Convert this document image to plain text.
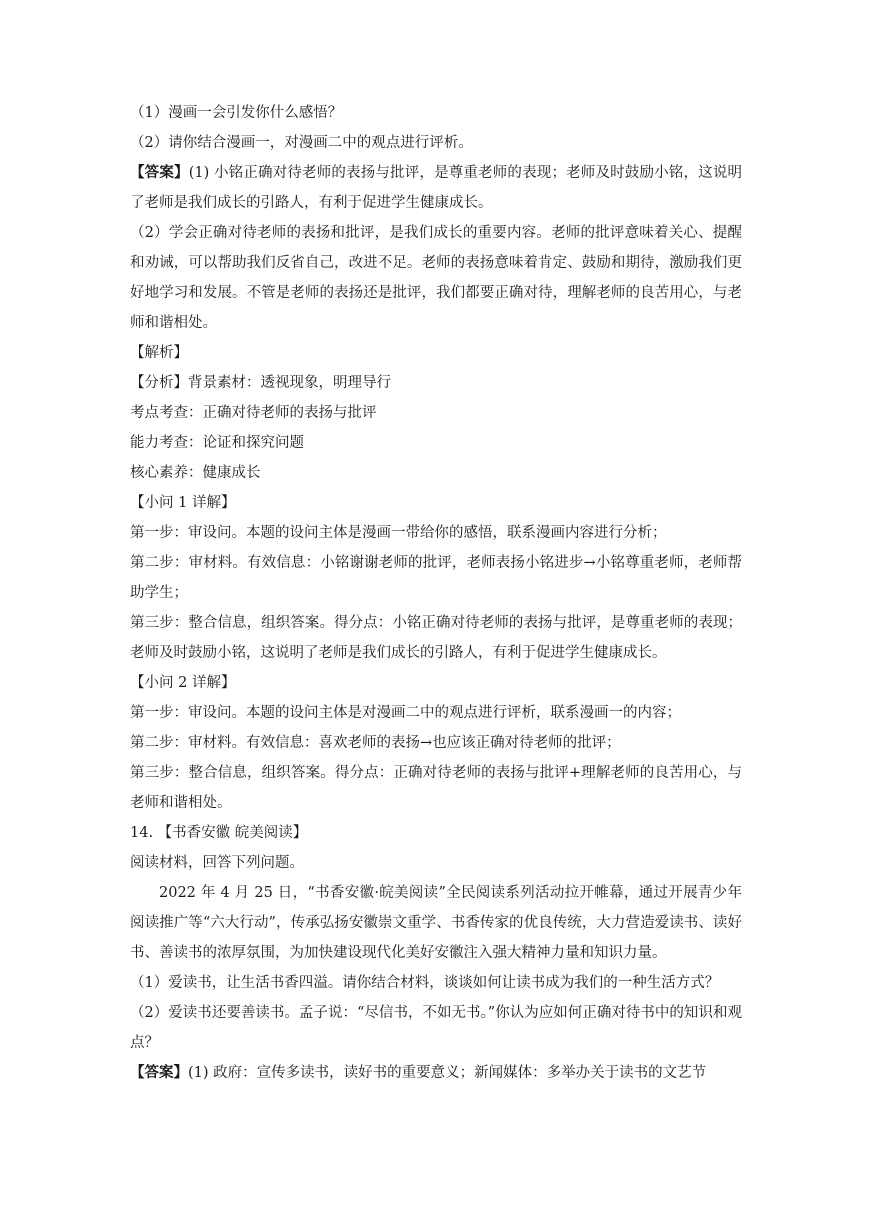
（1）漫画一会引发你什么感悟？
（2）请你结合漫画一，对漫画二中的观点进行评析。
【答案】(1) 小铭正确对待老师的表扬与批评，是尊重老师的表现；老师及时鼓励小铭，这说明了老师是我们成长的引路人，有利于促进学生健康成长。
（2）学会正确对待老师的表扬和批评，是我们成长的重要内容。老师的批评意味着关心、提醒和劝诫，可以帮助我们反省自己，改进不足。老师的表扬意味着肯定、鼓励和期待，激励我们更好地学习和发展。不管是老师的表扬还是批评，我们都要正确对待，理解老师的良苦用心，与老师和谐相处。
【解析】
【分析】背景素材：透视现象，明理导行
考点考查：正确对待老师的表扬与批评
能力考查：论证和探究问题
核心素养：健康成长
【小问 1 详解】
第一步：审设问。本题的设问主体是漫画一带给你的感悟，联系漫画内容进行分析；
第二步：审材料。有效信息：小铭谢谢老师的批评，老师表扬小铭进步→小铭尊重老师，老师帮助学生；
第三步：整合信息，组织答案。得分点：小铭正确对待老师的表扬与批评，是尊重老师的表现；老师及时鼓励小铭，这说明了老师是我们成长的引路人，有利于促进学生健康成长。
【小问 2 详解】
第一步：审设问。本题的设问主体是对漫画二中的观点进行评析，联系漫画一的内容；
第二步：审材料。有效信息：喜欢老师的表扬→也应该正确对待老师的批评；
第三步：整合信息，组织答案。得分点：正确对待老师的表扬与批评+理解老师的良苦用心，与老师和谐相处。
14. 【书香安徽 皖美阅读】
阅读材料，回答下列问题。
2022 年 4 月 25 日，“书香安徽·皖美阅读”全民阅读系列活动拉开帷幕，通过开展青少年阅读推广等“六大行动”，传承弘扬安徽崇文重学、书香传家的优良传统，大力营造爱读书、读好书、善读书的浓厚氛围，为加快建设现代化美好安徽注入强大精神力量和知识力量。
（1）爱读书，让生活书香四溢。请你结合材料，谈谈如何让读书成为我们的一种生活方式？
（2）爱读书还要善读书。孟子说：“尽信书，不如无书。”你认为应如何正确对待书中的知识和观点？
【答案】(1) 政府：宣传多读书，读好书的重要意义；新闻媒体：多举办关于读书的文艺节
